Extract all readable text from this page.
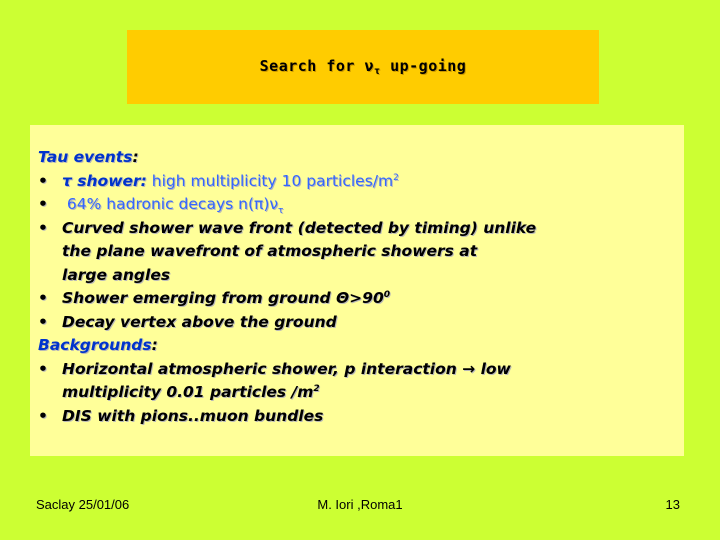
Search for $\nu_\tau$ up-going

Tau events:

• τ shower: high multiplicity 10 particles/$m^2$

• 64% hadronic decays $n(\pi)\nu_\tau$

• Curved shower wave front (detected by timing) unlike

the plane wavefront of atmospheric showers at

large angles

• Shower emerging from ground $\Theta>90^0$

• Decay vertex above the ground

Backgrounds:

• Horizontal atmospheric shower, p interaction → low

multiplicity 0.01 particles $/m^2$

• DIS with pions..muon bundles

Saclay 25/01/06	M. Iori ,Roma1	13
